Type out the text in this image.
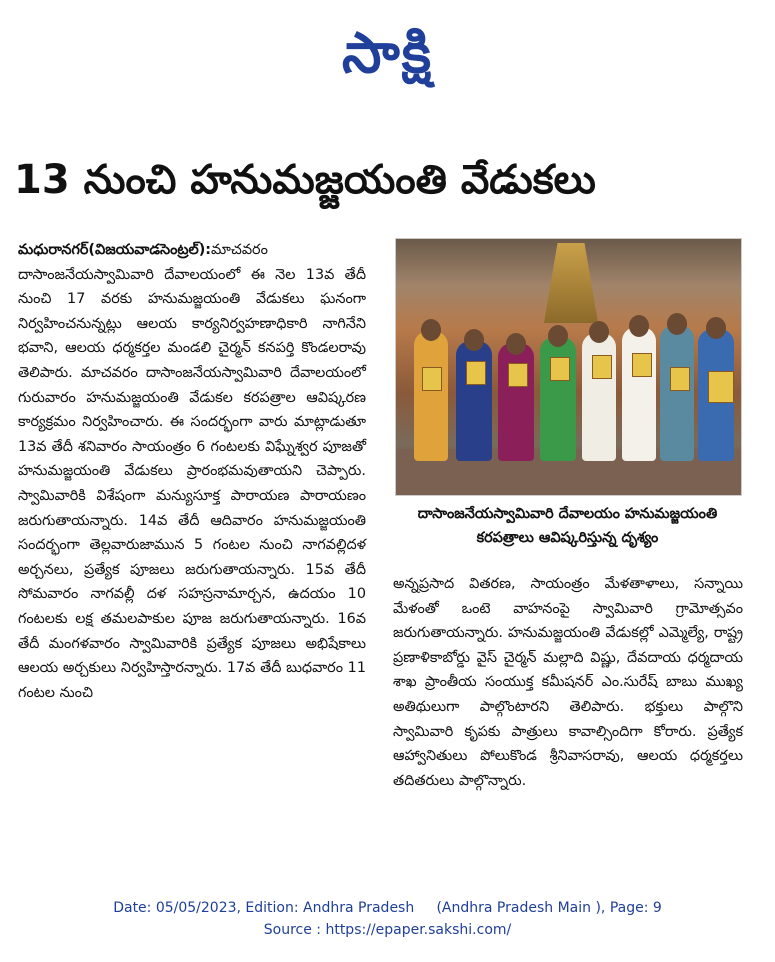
సాక్షి
13 నుంచి హనుమజ్జయంతి వేడుకలు
మధురానగర్(విజయవాడసెంట్రల్):మాచవరం దాసాంజనేయస్వామివారి దేవాలయంలో ఈ నెల 13వ తేదీ నుంచి 17 వరకు హనుమజ్జయంతి వేడుకలు ఘనంగా నిర్వహించనున్నట్లు ఆలయ కార్యనిర్వహణాధికారి నాగినేని భవాని, ఆలయ ధర్మకర్తల మండలి చైర్మన్ కనపర్తి కొండలరావు తెలిపారు. మాచవరం దాసాంజనేయస్వామివారి దేవాలయంలో గురువారం హనుమజ్జయంతి వేడుకల కరపత్రాల ఆవిష్కరణ కార్యక్రమం నిర్వహించారు. ఈ సందర్భంగా వారు మాట్లాడుతూ 13వ తేదీ శనివారం సాయంత్రం 6 గంటలకు విఘ్నేశ్వర పూజతో హనుమజ్జయంతి వేడుకలు ప్రారంభమవుతాయని చెప్పారు. స్వామివారికి విశేషంగా మన్యుసూక్త పారాయణ పారాయణం జరుగుతాయన్నారు. 14వ తేదీ ఆదివారం హనుమజ్జయంతి సందర్భంగా తెల్లవారుజామున 5 గంటల నుంచి నాగవల్లిదళ అర్చనలు, ప్రత్యేక పూజలు జరుగుతాయన్నారు. 15వ తేదీ సోమవారం నాగవల్లీ దళ సహస్రనామార్చన, ఉదయం 10 గంటలకు లక్ష తమలపాకుల పూజ జరుగుతాయన్నారు. 16వ తేదీ మంగళవారం స్వామివారికి ప్రత్యేక పూజలు అభిషేకాలు ఆలయ అర్చకులు నిర్వహిస్తారన్నారు. 17వ తేదీ బుధవారం 11 గంటల నుంచి
దాసాంజనేయస్వామివారి దేవాలయం హనుమజ్జయంతి కరపత్రాలు ఆవిష్కరిస్తున్న దృశ్యం
అన్నప్రసాద వితరణ, సాయంత్రం మేళతాళాలు, సన్నాయి మేళంతో ఒంటె వాహనంపై స్వామివారి గ్రామోత్సవం జరుగుతాయన్నారు. హనుమజ్జయంతి వేడుకల్లో ఎమ్మెల్యే, రాష్ట్ర ప్రణాళికాబోర్డు వైస్ చైర్మన్ మల్లాది విష్ణు, దేవదాయ ధర్మదాయ శాఖ ప్రాంతీయ సంయుక్త కమీషనర్ ఎం.సురేష్ బాబు ముఖ్య అతిథులుగా పాల్గొంటారని తెలిపారు. భక్తులు పాల్గొని స్వామివారి కృపకు పాత్రులు కావాల్సిందిగా కోరారు. ప్రత్యేక ఆహ్వానితులు పోలుకొండ శ్రీనివాసరావు, ఆలయ ధర్మకర్తలు తదితరులు పాల్గొన్నారు.
Date: 05/05/2023, Edition: Andhra Pradesh     (Andhra Pradesh Main ), Page: 9
Source : https://epaper.sakshi.com/
